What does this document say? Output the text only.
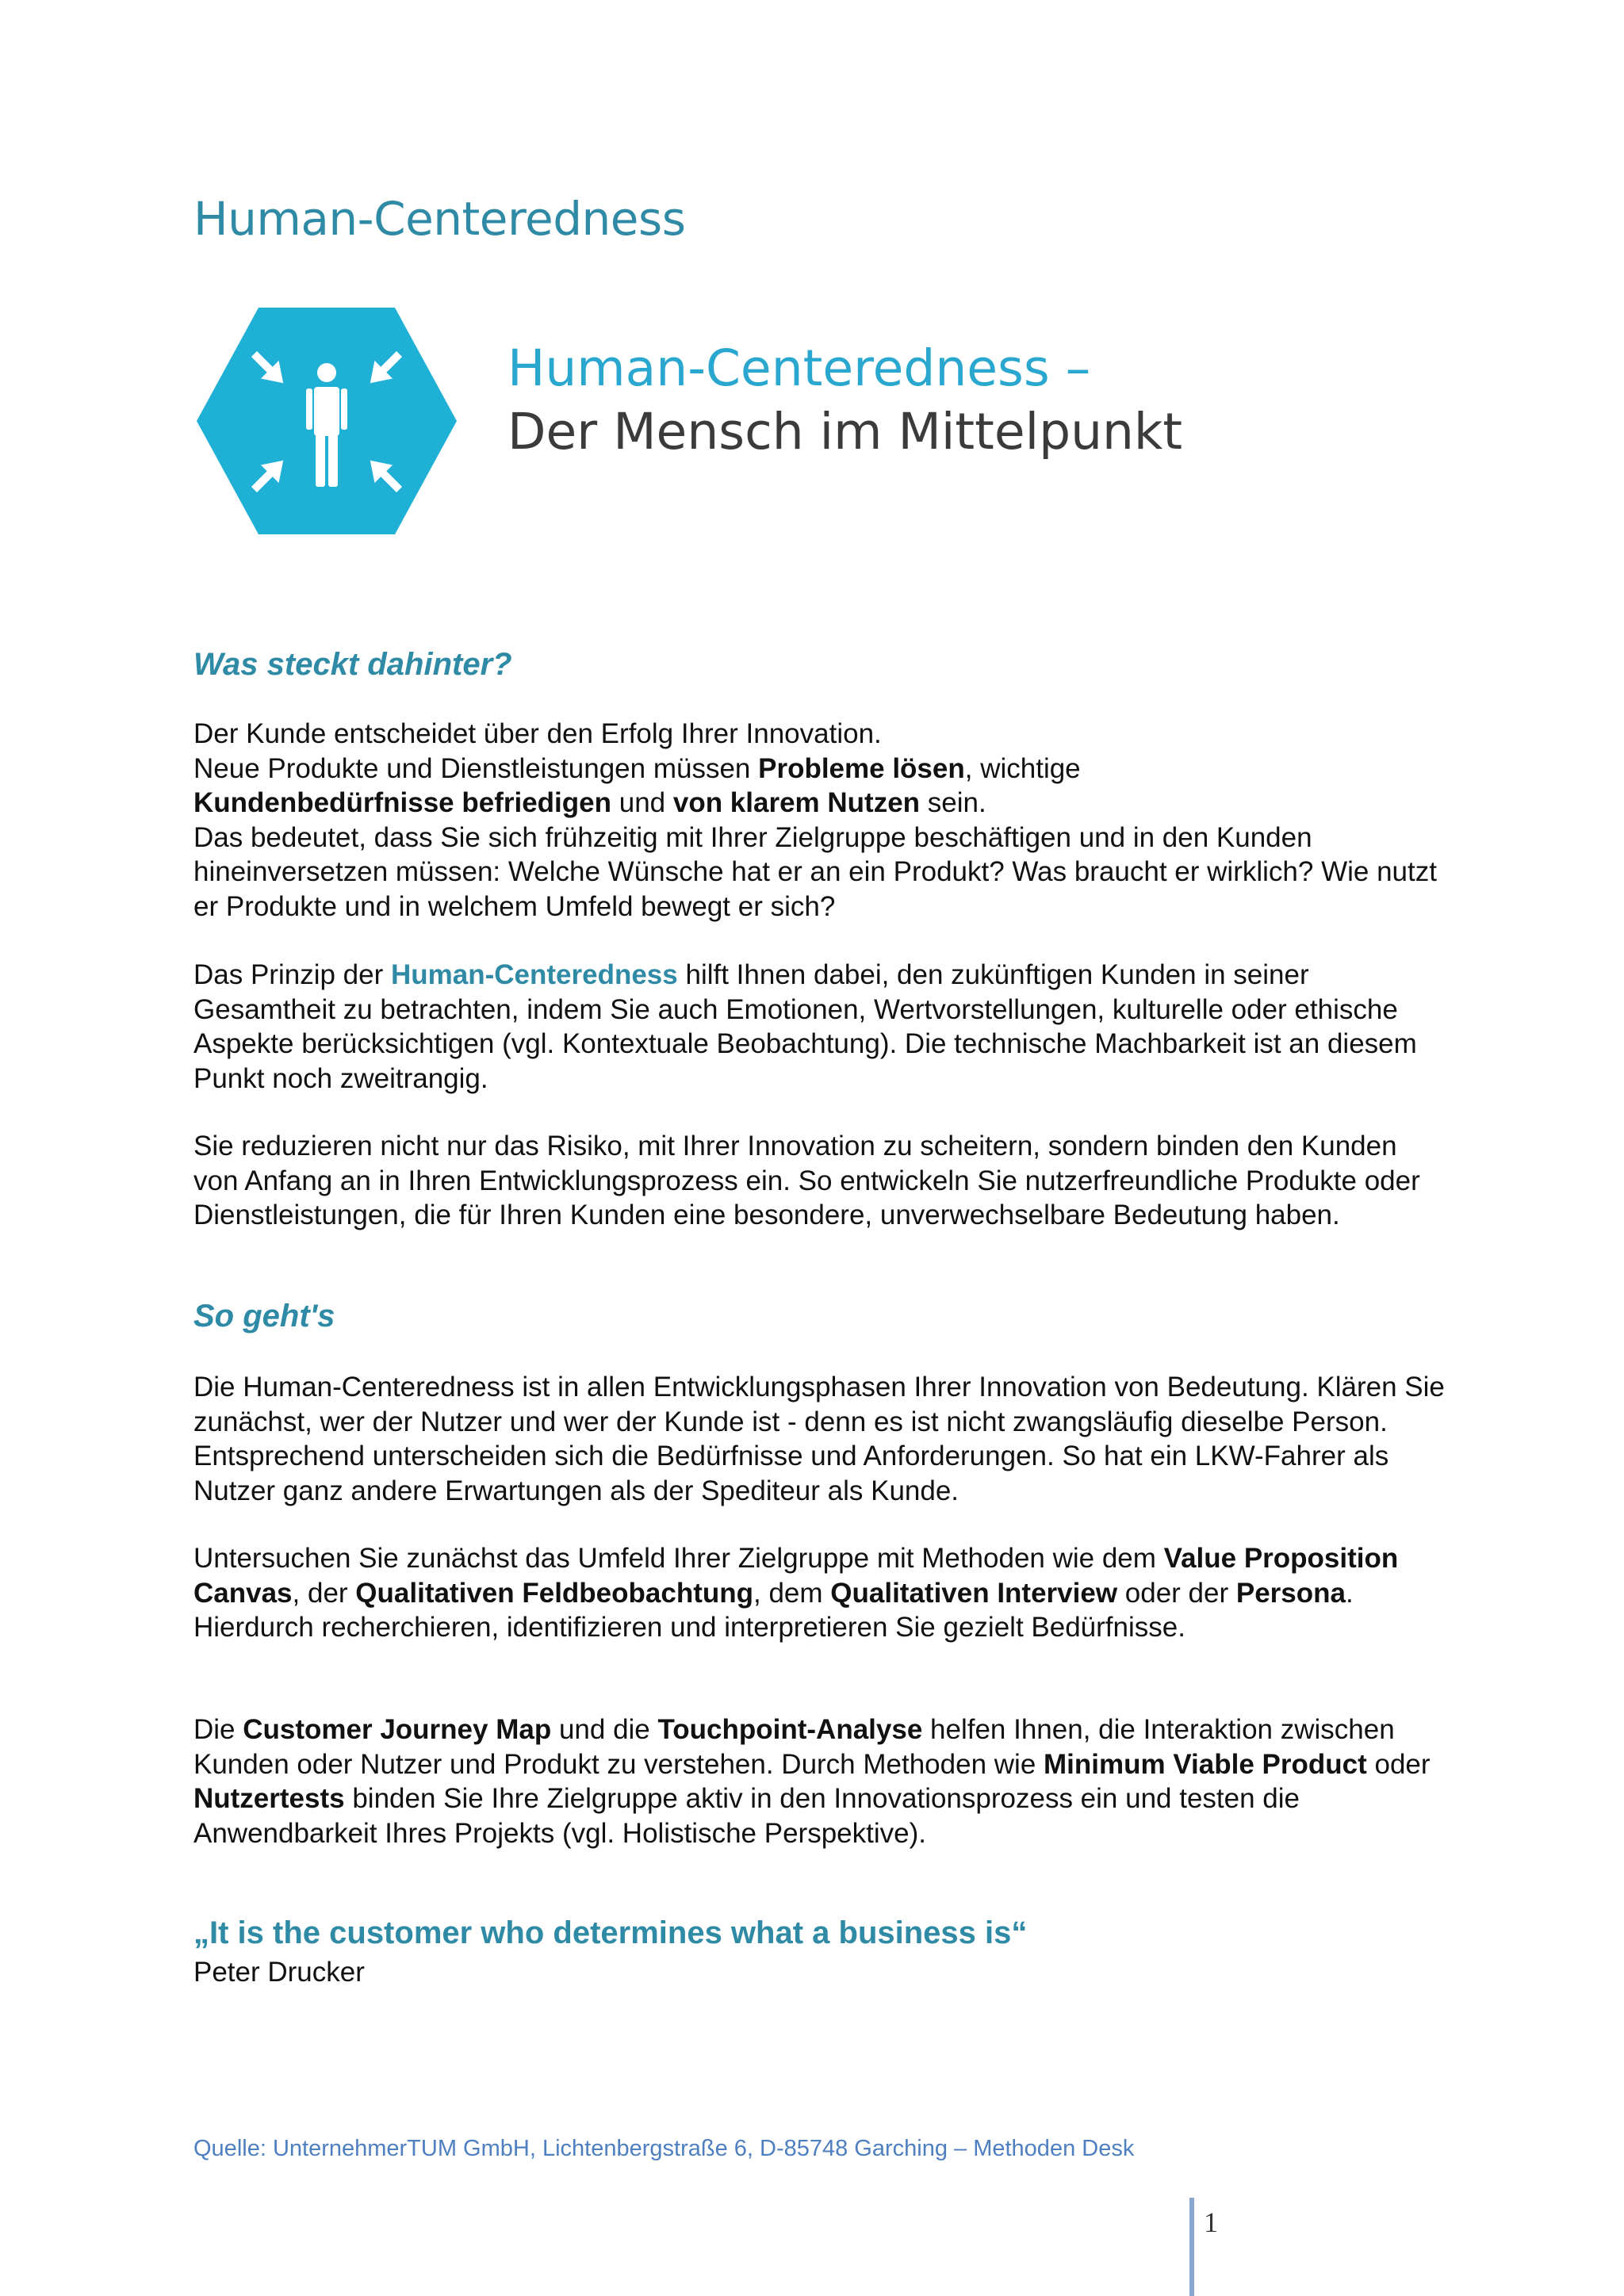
Human-Centeredness
Human-Centeredness –
Der Mensch im Mittelpunkt
Was steckt dahinter?

Der Kunde entscheidet über den Erfolg Ihrer Innovation.
Neue Produkte und Dienstleistungen müssen Probleme lösen, wichtige
Kundenbedürfnisse befriedigen und von klarem Nutzen sein.
Das bedeutet, dass Sie sich frühzeitig mit Ihrer Zielgruppe beschäftigen und in den Kunden hineinversetzen müssen: Welche Wünsche hat er an ein Produkt? Was braucht er wirklich? Wie nutzt er Produkte und in welchem Umfeld bewegt er sich?

Das Prinzip der Human-Centeredness hilft Ihnen dabei, den zukünftigen Kunden in seiner Gesamtheit zu betrachten, indem Sie auch Emotionen, Wertvorstellungen, kulturelle oder ethische Aspekte berücksichtigen (vgl. Kontextuale Beobachtung). Die technische Machbarkeit ist an diesem Punkt noch zweitrangig.

Sie reduzieren nicht nur das Risiko, mit Ihrer Innovation zu scheitern, sondern binden den Kunden von Anfang an in Ihren Entwicklungsprozess ein. So entwickeln Sie nutzerfreundliche Produkte oder Dienstleistungen, die für Ihren Kunden eine besondere, unverwechselbare Bedeutung haben.

So geht's

Die Human-Centeredness ist in allen Entwicklungsphasen Ihrer Innovation von Bedeutung. Klären Sie zunächst, wer der Nutzer und wer der Kunde ist - denn es ist nicht zwangsläufig dieselbe Person. Entsprechend unterscheiden sich die Bedürfnisse und Anforderungen. So hat ein LKW-Fahrer als Nutzer ganz andere Erwartungen als der Spediteur als Kunde.

Untersuchen Sie zunächst das Umfeld Ihrer Zielgruppe mit Methoden wie dem Value Proposition Canvas, der Qualitativen Feldbeobachtung, dem Qualitativen Interview oder der Persona. Hierdurch recherchieren, identifizieren und interpretieren Sie gezielt Bedürfnisse.

Die Customer Journey Map und die Touchpoint-Analyse helfen Ihnen, die Interaktion zwischen Kunden oder Nutzer und Produkt zu verstehen. Durch Methoden wie Minimum Viable Product oder Nutzertests binden Sie Ihre Zielgruppe aktiv in den Innovationsprozess ein und testen die Anwendbarkeit Ihres Projekts (vgl. Holistische Perspektive).

„It is the customer who determines what a business is“

Peter Drucker
Quelle: UnternehmerTUM GmbH, Lichtenbergstraße 6, D-85748 Garching – Methoden Desk
1
